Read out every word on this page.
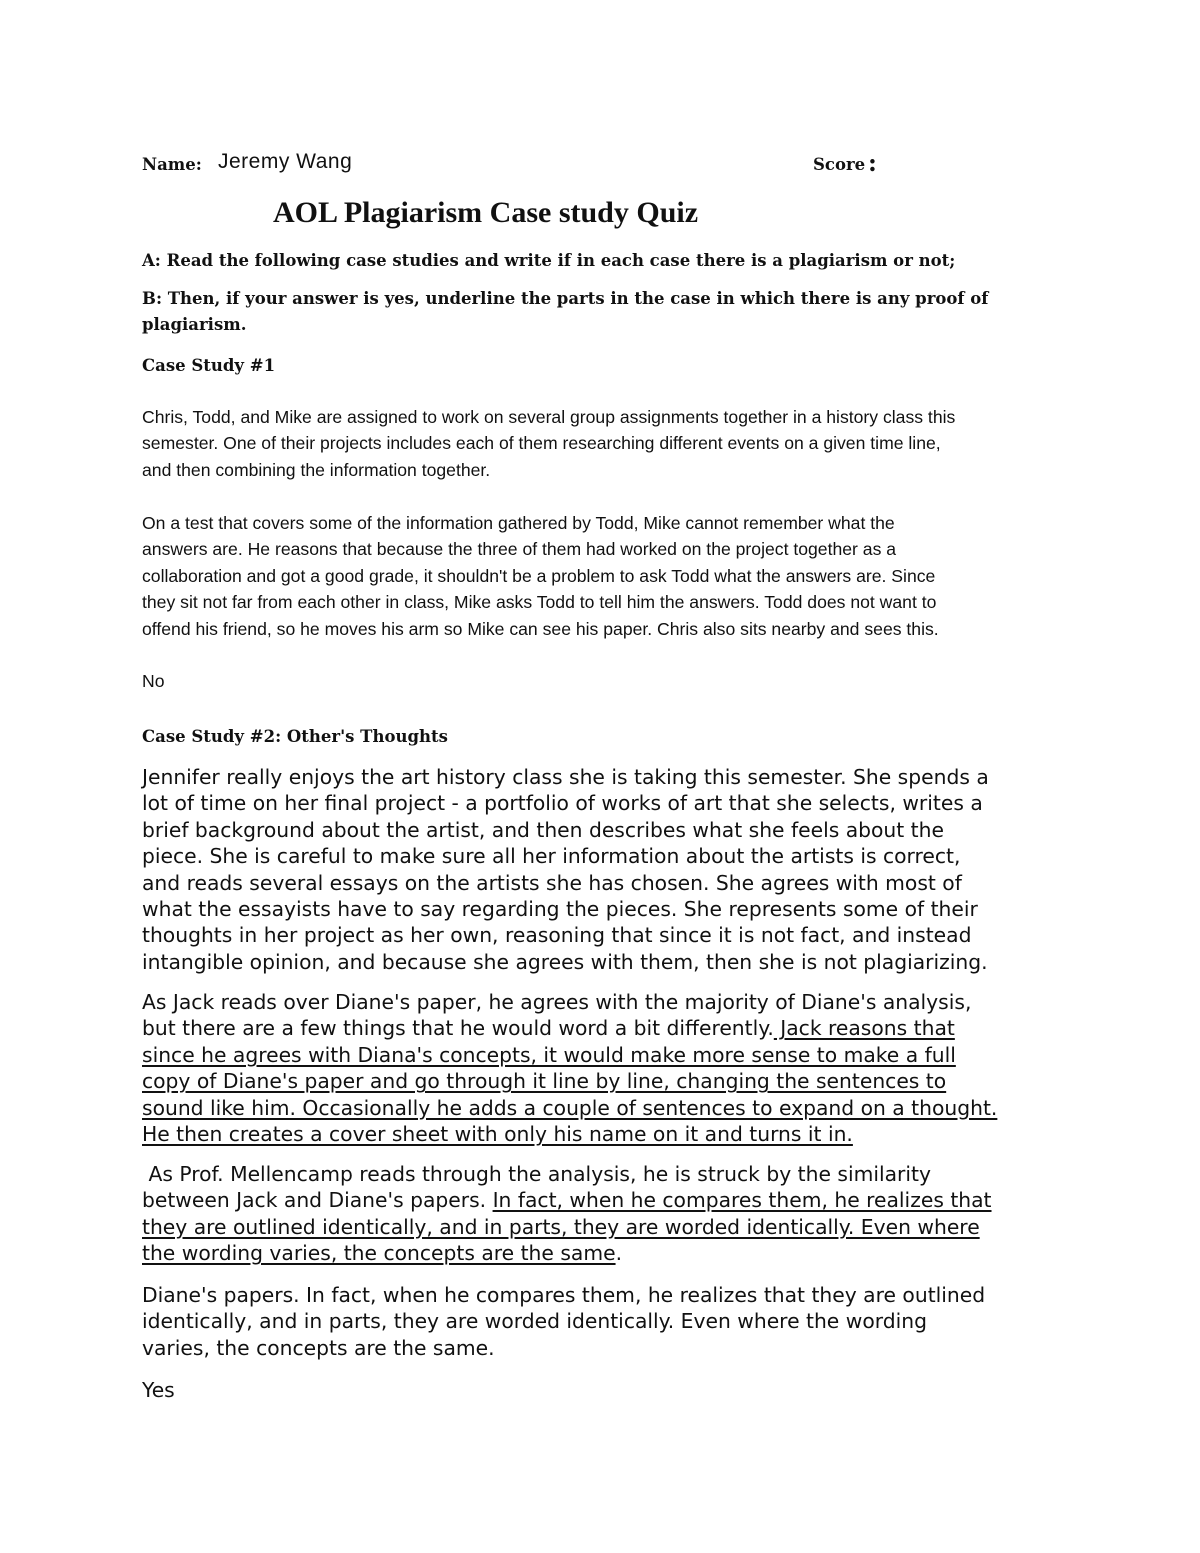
Name: Jeremy Wang	Score :
AOL Plagiarism Case study Quiz

A: Read the following case studies and write if in each case there is a plagiarism or not;

B: Then, if your answer is yes, underline the parts in the case in which there is any proof of

plagiarism.

Case Study #1
Chris, Todd, and Mike are assigned to work on several group assignments together in a history class this
semester. One of their projects includes each of them researching different events on a given time line,
and then combining the information together.
On a test that covers some of the information gathered by Todd, Mike cannot remember what the
answers are. He reasons that because the three of them had worked on the project together as a
collaboration and got a good grade, it shouldn't be a problem to ask Todd what the answers are. Since
they sit not far from each other in class, Mike asks Todd to tell him the answers. Todd does not want to
offend his friend, so he moves his arm so Mike can see his paper. Chris also sits nearby and sees this.

No

Case Study #2: Other's Thoughts
Jennifer really enjoys the art history class she is taking this semester. She spends a
lot of time on her final project - a portfolio of works of art that she selects, writes a
brief background about the artist, and then describes what she feels about the
piece. She is careful to make sure all her information about the artists is correct,
and reads several essays on the artists she has chosen. She agrees with most of
what the essayists have to say regarding the pieces. She represents some of their
thoughts in her project as her own, reasoning that since it is not fact, and instead
intangible opinion, and because she agrees with them, then she is not plagiarizing.
As Jack reads over Diane's paper, he agrees with the majority of Diane's analysis,
but there are a few things that he would word a bit differently. Jack reasons that
since he agrees with Diana's concepts, it would make more sense to make a full
copy of Diane's paper and go through it line by line, changing the sentences to
sound like him. Occasionally he adds a couple of sentences to expand on a thought.
He then creates a cover sheet with only his name on it and turns it in.
As Prof. Mellencamp reads through the analysis, he is struck by the similarity
between Jack and Diane's papers. In fact, when he compares them, he realizes that
they are outlined identically, and in parts, they are worded identically. Even where
the wording varies, the concepts are the same.
Diane's papers. In fact, when he compares them, he realizes that they are outlined
identically, and in parts, they are worded identically. Even where the wording
varies, the concepts are the same.

Yes
